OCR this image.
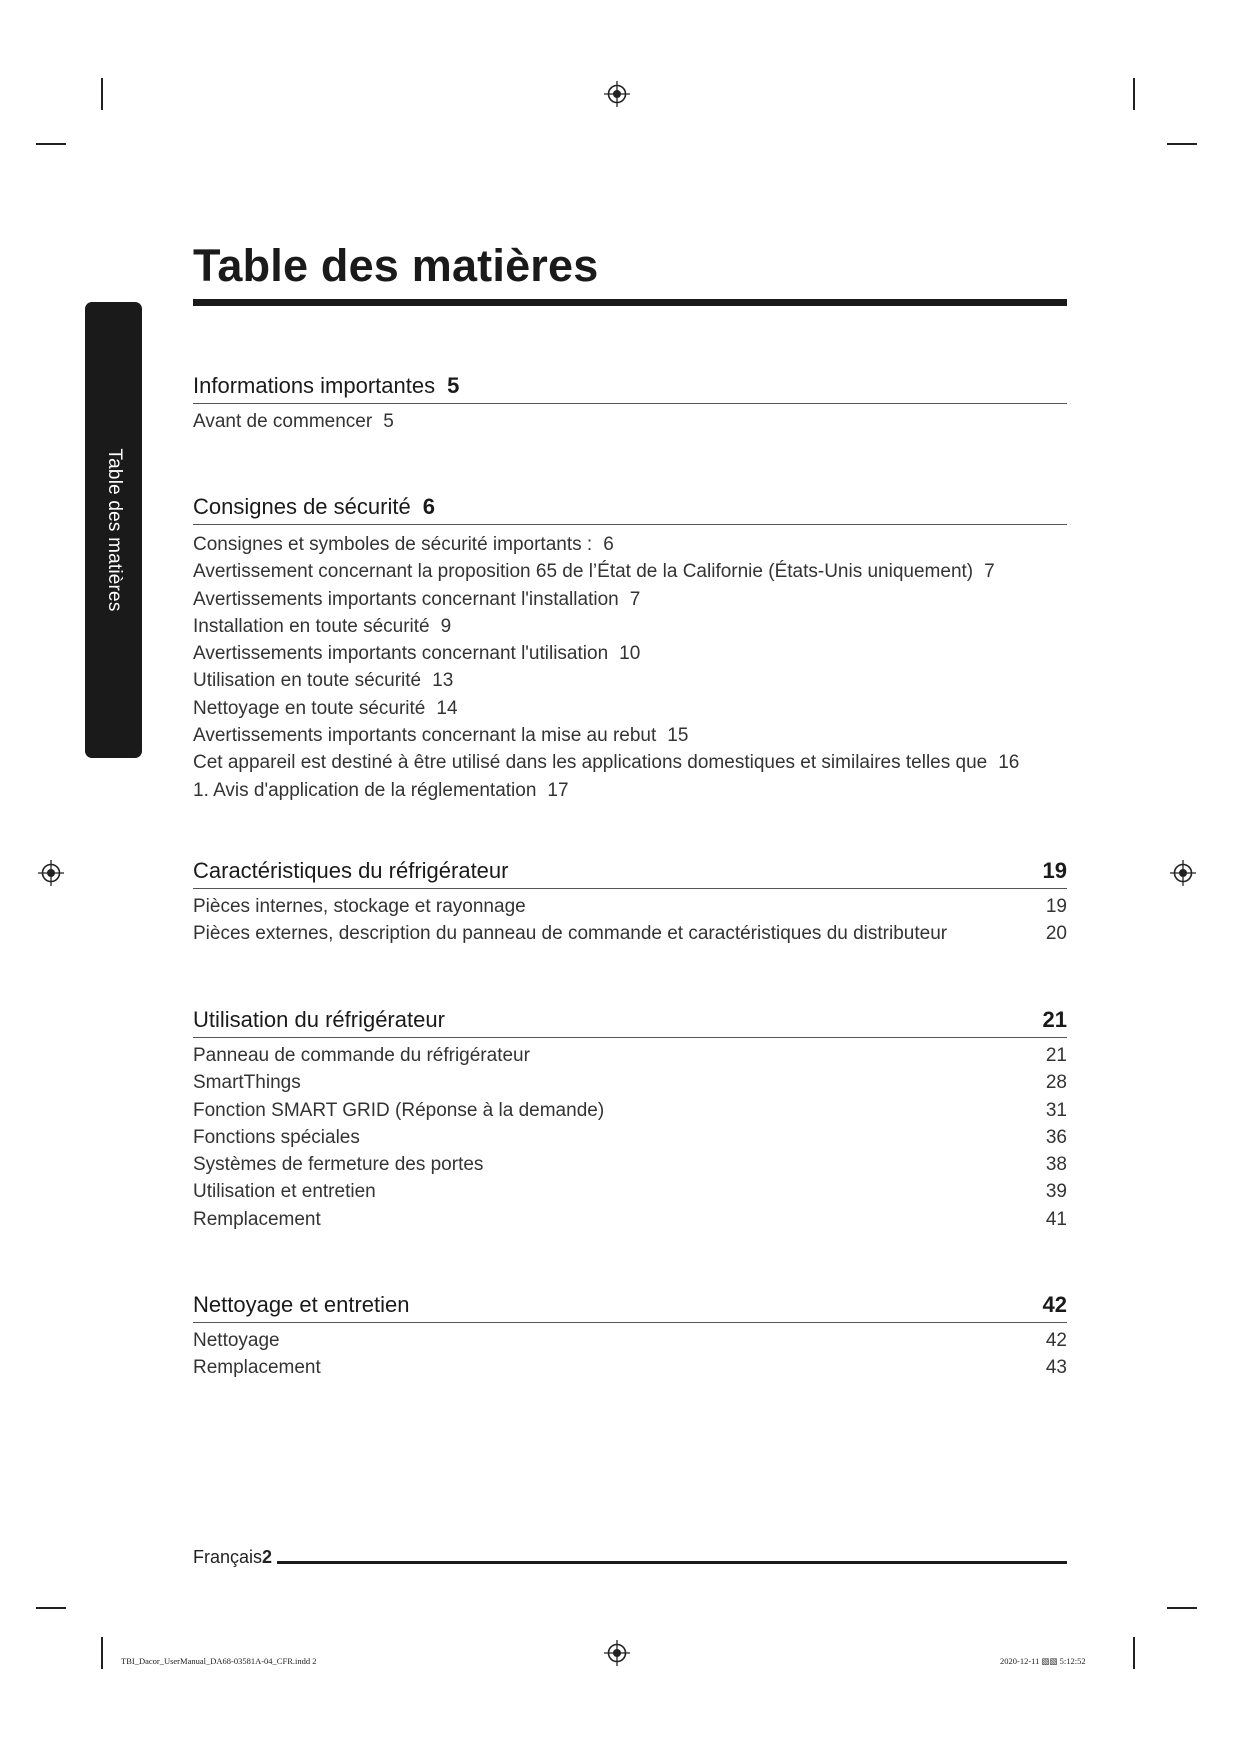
Table des matières
Table des matières
Informations importantes 5
Avant de commencer 5
Consignes de sécurité 6
Consignes et symboles de sécurité importants : 6
Avertissement concernant la proposition 65 de l’État de la Californie (États-Unis uniquement) 7
Avertissements importants concernant l'installation 7
Installation en toute sécurité 9
Avertissements importants concernant l'utilisation 10
Utilisation en toute sécurité 13
Nettoyage en toute sécurité 14
Avertissements importants concernant la mise au rebut 15
Cet appareil est destiné à être utilisé dans les applications domestiques et similaires telles que 16
1. Avis d'application de la réglementation 17
Caractéristiques du réfrigérateur	19
Pièces internes, stockage et rayonnage	19
Pièces externes, description du panneau de commande et caractéristiques du distributeur	20
Utilisation du réfrigérateur	21
Panneau de commande du réfrigérateur	21
SmartThings	28
Fonction SMART GRID (Réponse à la demande)	31
Fonctions spéciales	36
Systèmes de fermeture des portes	38
Utilisation et entretien	39
Remplacement	41
Nettoyage et entretien	42
Nettoyage	42
Remplacement	43
Français2
TBI_Dacor_UserManual_DA68-03581A-04_CFR.indd 2	2020-12-11 ▧▧ 5:12:52
